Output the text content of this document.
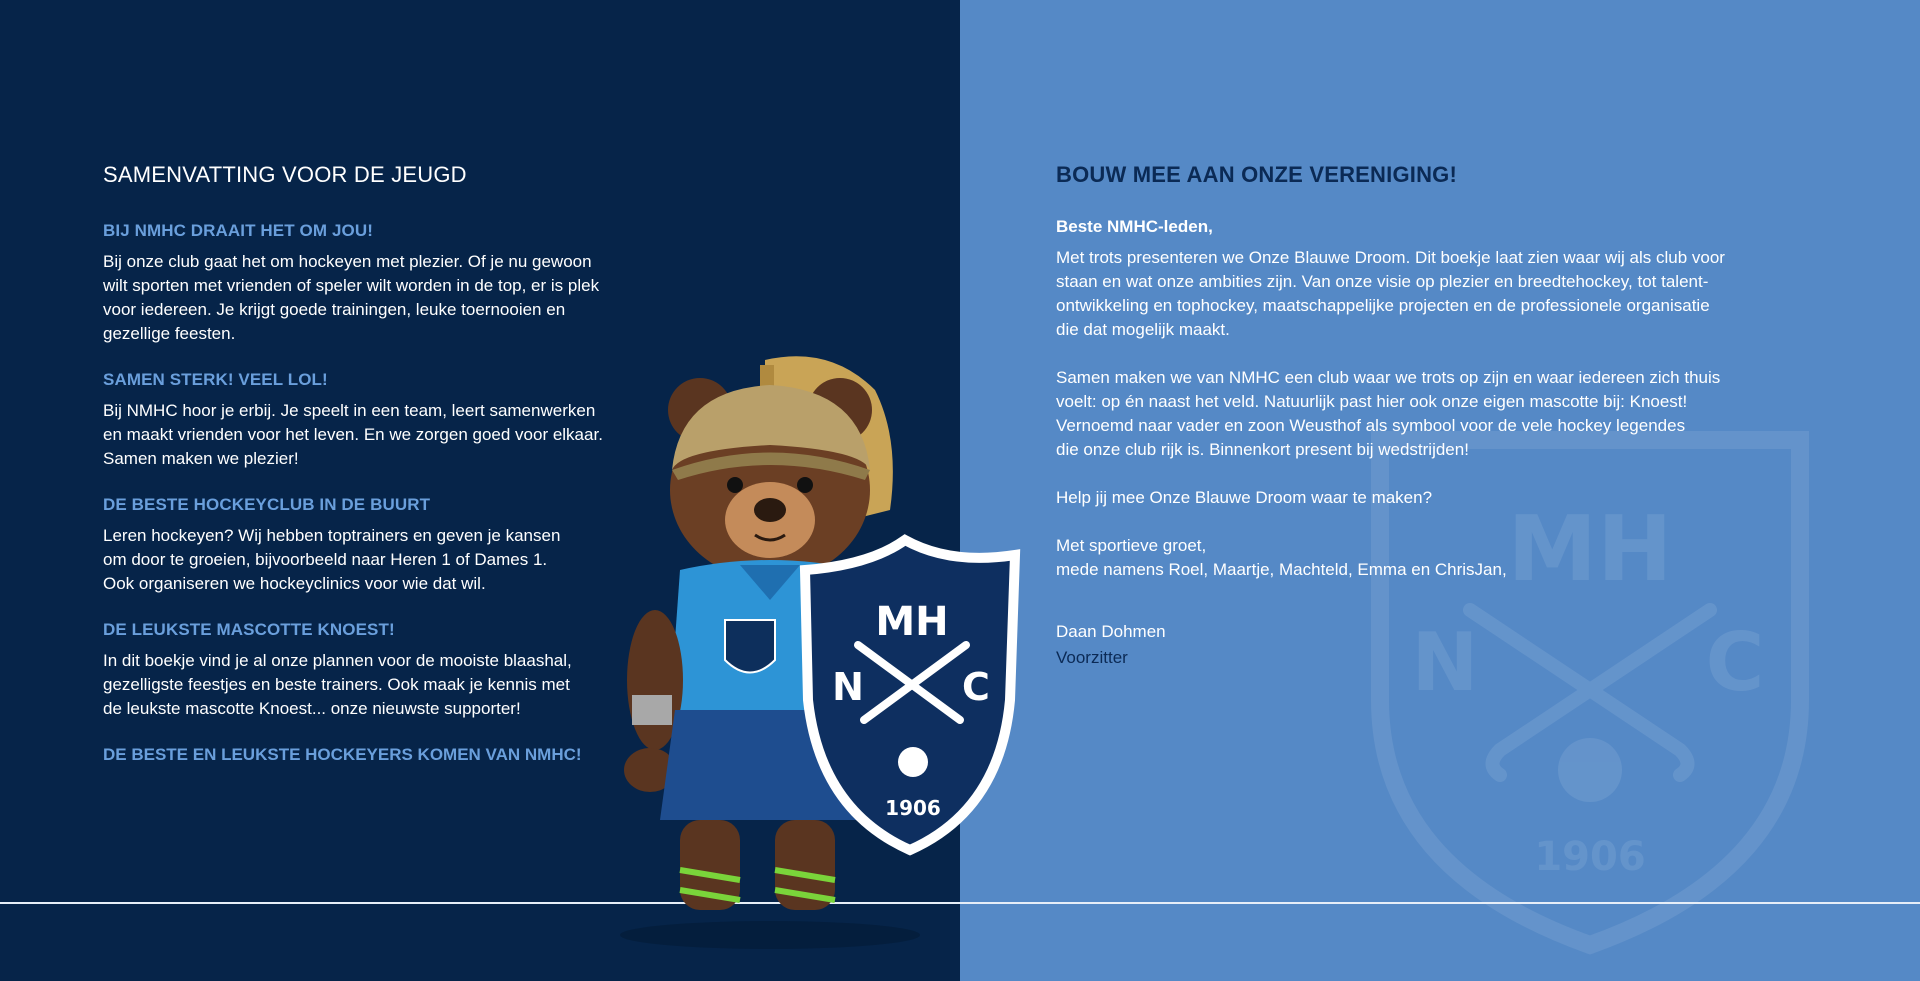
MH
N	C
1906
SAMENVATTING VOOR DE JEUGD
BIJ NMHC DRAAIT HET OM JOU!

Bij onze club gaat het om hockeyen met plezier. Of je nu gewoon
wilt sporten met vrienden of speler wilt worden in de top, er is plek
voor iedereen. Je krijgt goede trainingen, leuke toernooien en
gezellige feesten.

SAMEN STERK! VEEL LOL!

Bij NMHC hoor je erbij. Je speelt in een team, leert samenwerken
en maakt vrienden voor het leven. En we zorgen goed voor elkaar.
Samen maken we plezier!

DE BESTE HOCKEYCLUB IN DE BUURT

Leren hockeyen? Wij hebben toptrainers en geven je kansen
om door te groeien, bijvoorbeeld naar Heren 1 of Dames 1.
Ook organiseren we hockeyclinics voor wie dat wil.

DE LEUKSTE MASCOTTE KNOEST!

In dit boekje vind je al onze plannen voor de mooiste blaashal,
gezelligste feestjes en beste trainers. Ook maak je kennis met
de leukste mascotte Knoest... onze nieuwste supporter!

DE BESTE EN LEUKSTE HOCKEYERS KOMEN VAN NMHC!
MH
N	C
1906
BOUW MEE AAN ONZE VERENIGING!

Beste NMHC-leden,

Met trots presenteren we Onze Blauwe Droom. Dit boekje laat zien waar wij als club voor
staan en wat onze ambities zijn. Van onze visie op plezier en breedtehockey, tot talent-
ontwikkeling en tophockey, maatschappelijke projecten en de professionele organisatie
die dat mogelijk maakt.

Samen maken we van NMHC een club waar we trots op zijn en waar iedereen zich thuis
voelt: op én naast het veld. Natuurlijk past hier ook onze eigen mascotte bij: Knoest!
Vernoemd naar vader en zoon Weusthof als symbool voor de vele hockey legendes
die onze club rijk is. Binnenkort present bij wedstrijden!

Help jij mee Onze Blauwe Droom waar te maken?

Met sportieve groet,
mede namens Roel, Maartje, Machteld, Emma en ChrisJan,

Daan Dohmen

Voorzitter
